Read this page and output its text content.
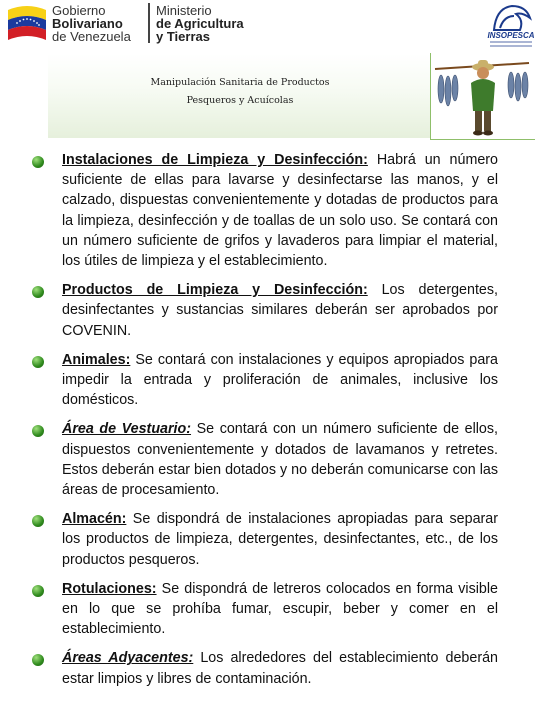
Gobierno
Bolivariano
de Venezuela
Ministerio
de Agricultura
y Tierras	INSOPESCA
Manipulación Sanitaria de Productos
Pesqueros y Acuícolas
Instalaciones de Limpieza y Desinfección: Habrá un número suficiente de ellas para lavarse y desinfectarse las manos, y el calzado, dispuestas convenientemente y dotadas de productos para la limpieza, desinfección y de toallas de un solo uso. Se contará con un número suficiente de grifos y lavaderos para limpiar el material, los útiles de limpieza y el establecimiento.
Productos de Limpieza y Desinfección: Los detergentes, desinfectantes y sustancias similares deberán ser aprobados por COVENIN.
Animales: Se contará con instalaciones y equipos apropiados para impedir la entrada y proliferación de animales, inclusive los domésticos.
Área de Vestuario: Se contará con un número suficiente de ellos, dispuestos convenientemente y dotados de lavamanos y retretes. Estos deberán estar bien dotados y no deberán comunicarse con las áreas de procesamiento.
Almacén: Se dispondrá de instalaciones apropiadas para separar los productos de limpieza, detergentes, desinfectantes, etc., de los productos pesqueros.
Rotulaciones: Se dispondrá de letreros colocados en forma visible en lo que se prohíba fumar, escupir, beber y comer en el establecimiento.
Áreas Adyacentes: Los alrededores del establecimiento deberán estar limpios y libres de contaminación.
